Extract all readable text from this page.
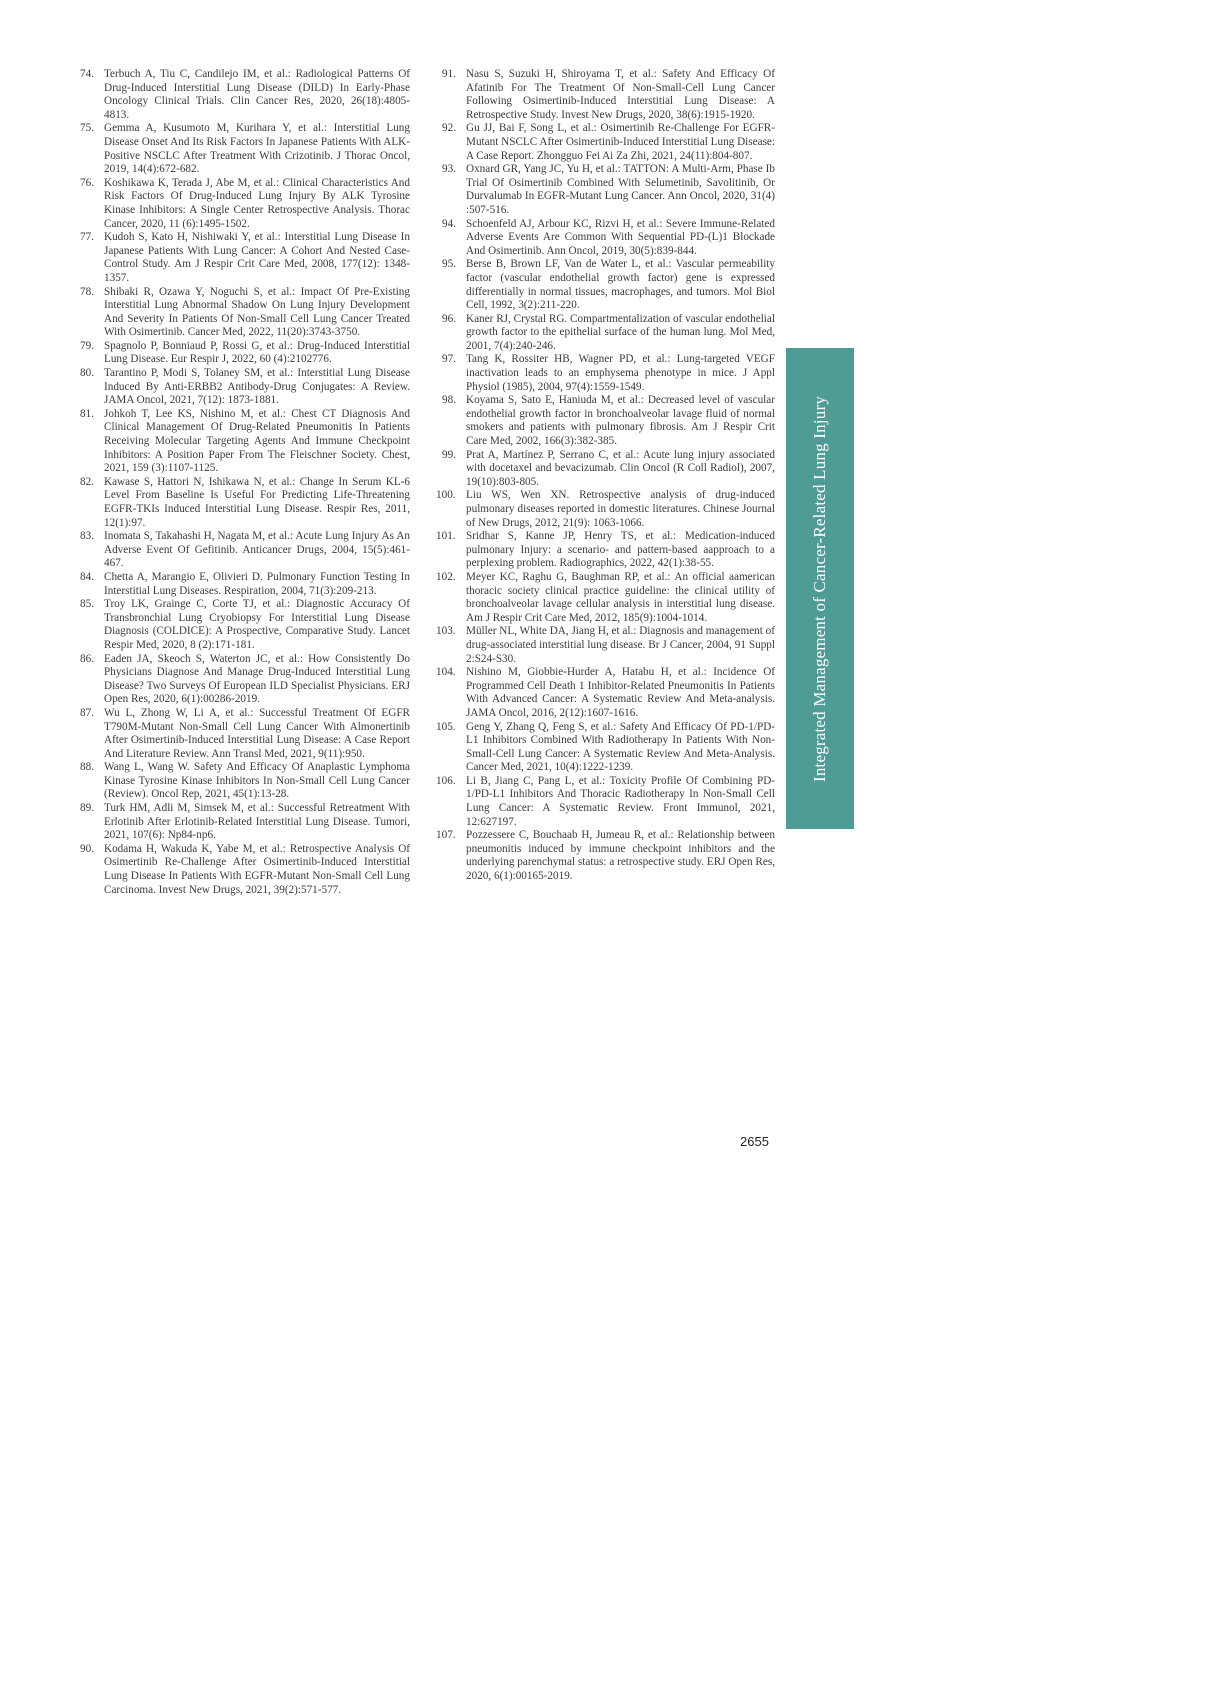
74. Terbuch A, Tiu C, Candilejo IM, et al.: Radiological Patterns Of Drug-Induced Interstitial Lung Disease (DILD) In Early-Phase Oncology Clinical Trials. Clin Cancer Res, 2020, 26(18):4805-4813.
75. Gemma A, Kusumoto M, Kurihara Y, et al.: Interstitial Lung Disease Onset And Its Risk Factors In Japanese Patients With ALK-Positive NSCLC After Treatment With Crizotinib. J Thorac Oncol, 2019, 14(4):672-682.
76. Koshikawa K, Terada J, Abe M, et al.: Clinical Characteristics And Risk Factors Of Drug-Induced Lung Injury By ALK Tyrosine Kinase Inhibitors: A Single Center Retrospective Analysis. Thorac Cancer, 2020, 11 (6):1495-1502.
77. Kudoh S, Kato H, Nishiwaki Y, et al.: Interstitial Lung Disease In Japanese Patients With Lung Cancer: A Cohort And Nested Case-Control Study. Am J Respir Crit Care Med, 2008, 177(12): 1348-1357.
78. Shibaki R, Ozawa Y, Noguchi S, et al.: Impact Of Pre-Existing Interstitial Lung Abnormal Shadow On Lung Injury Development And Severity In Patients Of Non-Small Cell Lung Cancer Treated With Osimertinib. Cancer Med, 2022, 11(20):3743-3750.
79. Spagnolo P, Bonniaud P, Rossi G, et al.: Drug-Induced Interstitial Lung Disease. Eur Respir J, 2022, 60 (4):2102776.
80. Tarantino P, Modi S, Tolaney SM, et al.: Interstitial Lung Disease Induced By Anti-ERBB2 Antibody-Drug Conjugates: A Review. JAMA Oncol, 2021, 7(12): 1873-1881.
81. Johkoh T, Lee KS, Nishino M, et al.: Chest CT Diagnosis And Clinical Management Of Drug-Related Pneumonitis In Patients Receiving Molecular Targeting Agents And Immune Checkpoint Inhibitors: A Position Paper From The Fleischner Society. Chest, 2021, 159 (3):1107-1125.
82. Kawase S, Hattori N, Ishikawa N, et al.: Change In Serum KL-6 Level From Baseline Is Useful For Predicting Life-Threatening EGFR-TKIs Induced Interstitial Lung Disease. Respir Res, 2011, 12(1):97.
83. Inomata S, Takahashi H, Nagata M, et al.: Acute Lung Injury As An Adverse Event Of Gefitinib. Anticancer Drugs, 2004, 15(5):461-467.
84. Chetta A, Marangio E, Olivieri D. Pulmonary Function Testing In Interstitial Lung Diseases. Respiration, 2004, 71(3):209-213.
85. Troy LK, Grainge C, Corte TJ, et al.: Diagnostic Accuracy Of Transbronchial Lung Cryobiopsy For Interstitial Lung Disease Diagnosis (COLDICE): A Prospective, Comparative Study. Lancet Respir Med, 2020, 8 (2):171-181.
86. Eaden JA, Skeoch S, Waterton JC, et al.: How Consistently Do Physicians Diagnose And Manage Drug-Induced Interstitial Lung Disease? Two Surveys Of European ILD Specialist Physicians. ERJ Open Res, 2020, 6(1):00286-2019.
87. Wu L, Zhong W, Li A, et al.: Successful Treatment Of EGFR T790M-Mutant Non-Small Cell Lung Cancer With Almonertinib After Osimertinib-Induced Interstitial Lung Disease: A Case Report And Literature Review. Ann Transl Med, 2021, 9(11):950.
88. Wang L, Wang W. Safety And Efficacy Of Anaplastic Lymphoma Kinase Tyrosine Kinase Inhibitors In Non-Small Cell Lung Cancer (Review). Oncol Rep, 2021, 45(1):13-28.
89. Turk HM, Adli M, Simsek M, et al.: Successful Retreatment With Erlotinib After Erlotinib-Related Interstitial Lung Disease. Tumori, 2021, 107(6): Np84-np6.
90. Kodama H, Wakuda K, Yabe M, et al.: Retrospective Analysis Of Osimertinib Re-Challenge After Osimertinib-Induced Interstitial Lung Disease In Patients With EGFR-Mutant Non-Small Cell Lung Carcinoma. Invest New Drugs, 2021, 39(2):571-577.
91. Nasu S, Suzuki H, Shiroyama T, et al.: Safety And Efficacy Of Afatinib For The Treatment Of Non-Small-Cell Lung Cancer Following Osimertinib-Induced Interstitial Lung Disease: A Retrospective Study. Invest New Drugs, 2020, 38(6):1915-1920.
92. Gu JJ, Bai F, Song L, et al.: Osimertinib Re-Challenge For EGFR-Mutant NSCLC After Osimertinib-Induced Interstitial Lung Disease: A Case Report. Zhongguo Fei Ai Za Zhi, 2021, 24(11):804-807.
93. Oxnard GR, Yang JC, Yu H, et al.: TATTON: A Multi-Arm, Phase Ib Trial Of Osimertinib Combined With Selumetinib, Savolitinib, Or Durvalumab In EGFR-Mutant Lung Cancer. Ann Oncol, 2020, 31(4) :507-516.
94. Schoenfeld AJ, Arbour KC, Rizvi H, et al.: Severe Immune-Related Adverse Events Are Common With Sequential PD-(L)1 Blockade And Osimertinib. Ann Oncol, 2019, 30(5):839-844.
95. Berse B, Brown LF, Van de Water L, et al.: Vascular permeability factor (vascular endothelial growth factor) gene is expressed differentially in normal tissues, macrophages, and tumors. Mol Biol Cell, 1992, 3(2):211-220.
96. Kaner RJ, Crystal RG. Compartmentalization of vascular endothelial growth factor to the epithelial surface of the human lung. Mol Med, 2001, 7(4):240-246.
97. Tang K, Rossiter HB, Wagner PD, et al.: Lung-targeted VEGF inactivation leads to an emphysema phenotype in mice. J Appl Physiol (1985), 2004, 97(4):1559-1549.
98. Koyama S, Sato E, Haniuda M, et al.: Decreased level of vascular endothelial growth factor in bronchoalveolar lavage fluid of normal smokers and patients with pulmonary fibrosis. Am J Respir Crit Care Med, 2002, 166(3):382-385.
99. Prat A, Martínez P, Serrano C, et al.: Acute lung injury associated with docetaxel and bevacizumab. Clin Oncol (R Coll Radiol), 2007, 19(10):803-805.
100. Liu WS, Wen XN. Retrospective analysis of drug-induced pulmonary diseases reported in domestic literatures. Chinese Journal of New Drugs, 2012, 21(9): 1063-1066.
101. Sridhar S, Kanne JP, Henry TS, et al.: Medication-induced pulmonary Injury: a scenario- and pattern-based aapproach to a perplexing problem. Radiographics, 2022, 42(1):38-55.
102. Meyer KC, Raghu G, Baughman RP, et al.: An official aamerican thoracic society clinical practice guideline: the clinical utility of bronchoalveolar lavage cellular analysis in interstitial lung disease. Am J Respir Crit Care Med, 2012, 185(9):1004-1014.
103. Müller NL, White DA, Jiang H, et al.: Diagnosis and management of drug-associated interstitial lung disease. Br J Cancer, 2004, 91 Suppl 2:S24-S30.
104. Nishino M, Giobbie-Hurder A, Hatabu H, et al.: Incidence Of Programmed Cell Death 1 Inhibitor-Related Pneumonitis In Patients With Advanced Cancer: A Systematic Review And Meta-analysis. JAMA Oncol, 2016, 2(12):1607-1616.
105. Geng Y, Zhang Q, Feng S, et al.: Safety And Efficacy Of PD-1/PD-L1 Inhibitors Combined With Radiotherapy In Patients With Non-Small-Cell Lung Cancer: A Systematic Review And Meta-Analysis. Cancer Med, 2021, 10(4):1222-1239.
106. Li B, Jiang C, Pang L, et al.: Toxicity Profile Of Combining PD-1/PD-L1 Inhibitors And Thoracic Radiotherapy In Non-Small Cell Lung Cancer: A Systematic Review. Front Immunol, 2021, 12:627197.
107. Pozzessere C, Bouchaab H, Jumeau R, et al.: Relationship between pneumonitis induced by immune checkpoint inhibitors and the underlying parenchymal status: a retrospective study. ERJ Open Res, 2020, 6(1):00165-2019.
Integrated Management of Cancer-Related Lung Injury
2655
